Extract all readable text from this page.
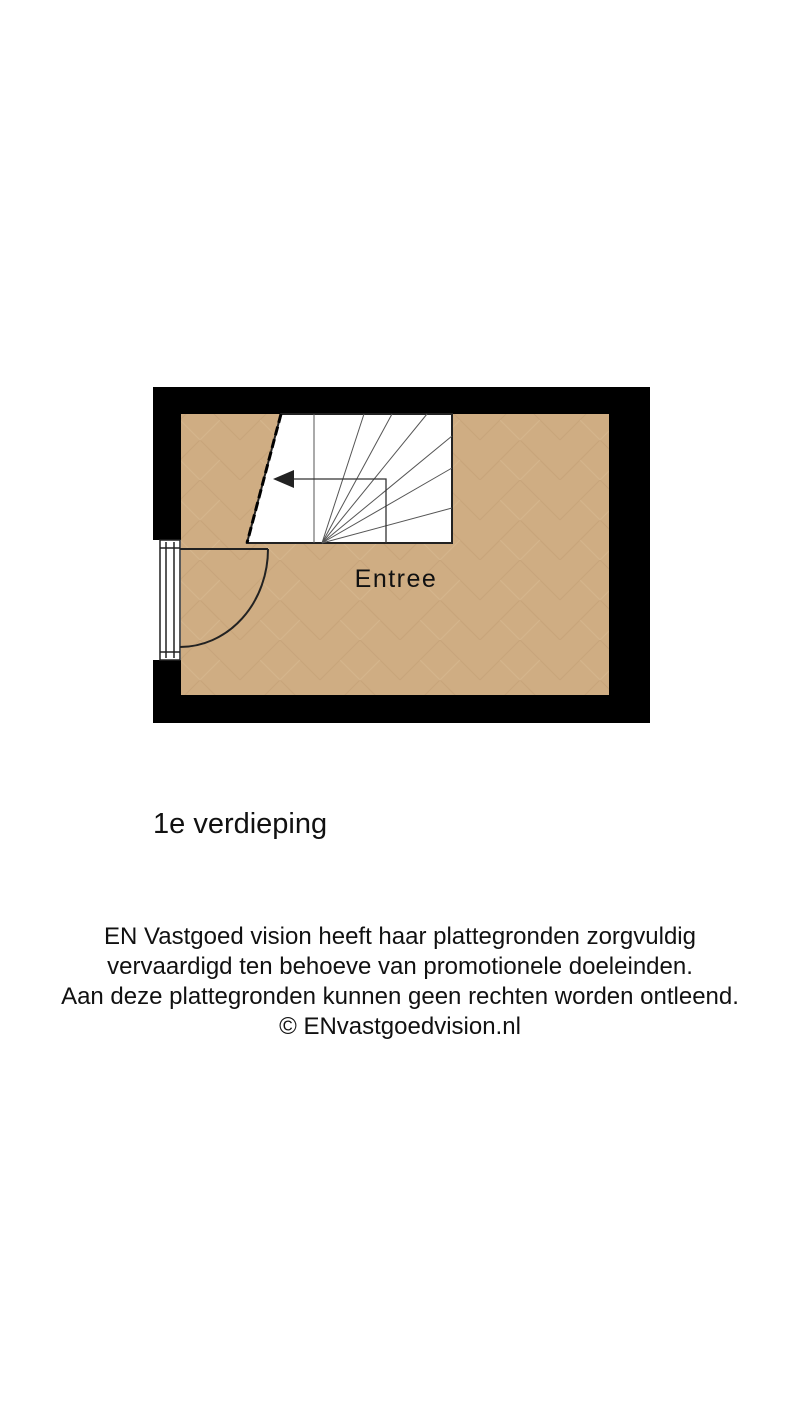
Entree
1e verdieping
EN Vastgoed vision heeft haar plattegronden zorgvuldig
vervaardigd ten behoeve van promotionele doeleinden.
Aan deze plattegronden kunnen geen rechten worden ontleend.
© ENvastgoedvision.nl
